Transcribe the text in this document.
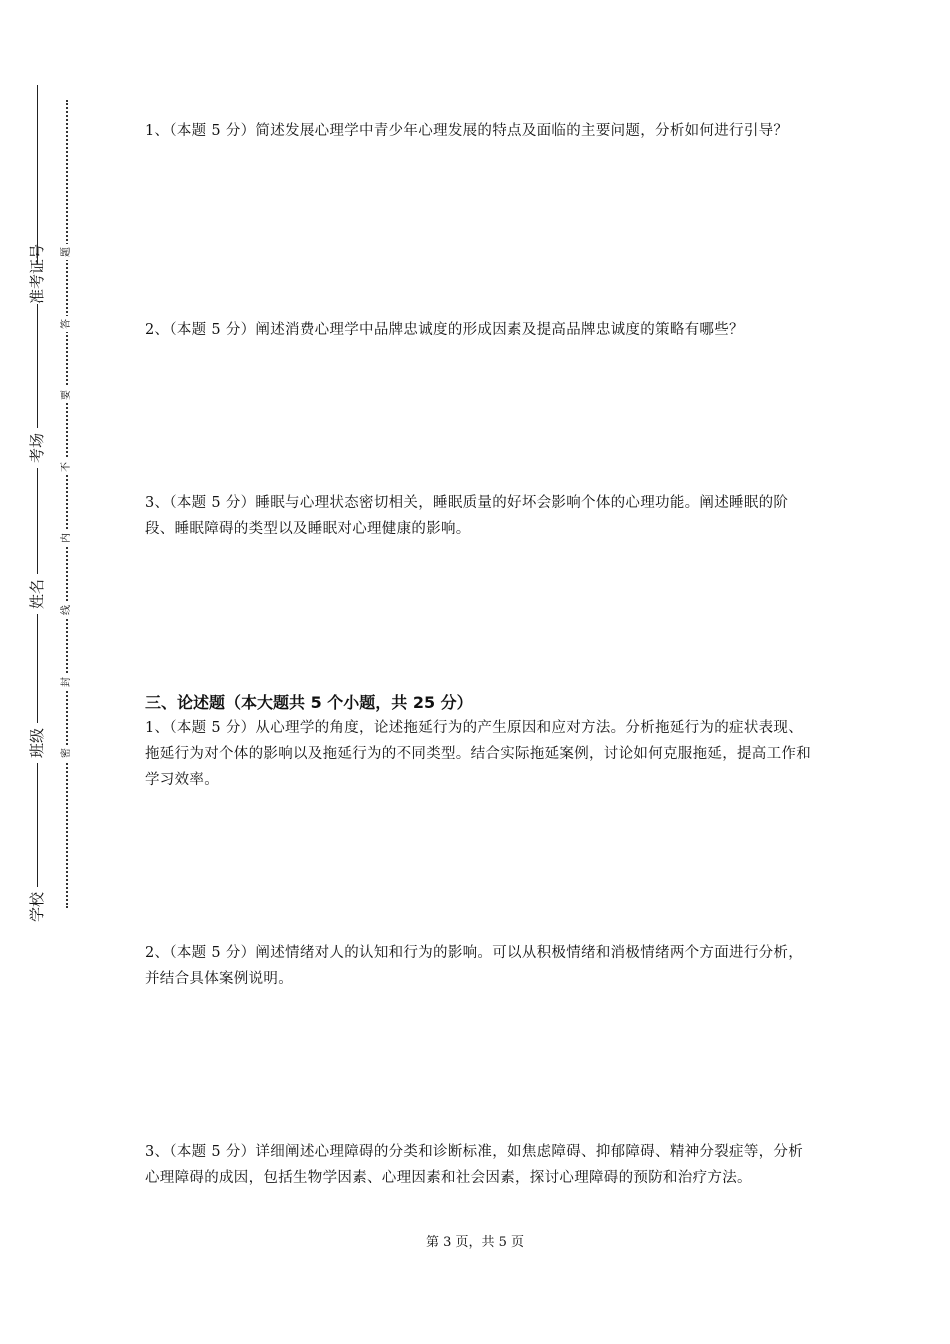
准考证号
考场
姓名
班级
学校
题
答
要
不
内
线
封
密
1、（本题 5 分）简述发展心理学中青少年心理发展的特点及面临的主要问题，分析如何进行引导？
2、（本题 5 分）阐述消费心理学中品牌忠诚度的形成因素及提高品牌忠诚度的策略有哪些？
3、（本题 5 分）睡眠与心理状态密切相关，睡眠质量的好坏会影响个体的心理功能。阐述睡眠的阶段、睡眠障碍的类型以及睡眠对心理健康的影响。
三、论述题（本大题共 5 个小题，共 25 分）
1、（本题 5 分）从心理学的角度，论述拖延行为的产生原因和应对方法。分析拖延行为的症状表现、拖延行为对个体的影响以及拖延行为的不同类型。结合实际拖延案例，讨论如何克服拖延，提高工作和学习效率。
2、（本题 5 分）阐述情绪对人的认知和行为的影响。可以从积极情绪和消极情绪两个方面进行分析，并结合具体案例说明。
3、（本题 5 分）详细阐述心理障碍的分类和诊断标准，如焦虑障碍、抑郁障碍、精神分裂症等，分析心理障碍的成因，包括生物学因素、心理因素和社会因素，探讨心理障碍的预防和治疗方法。
第 3 页，共 5 页
